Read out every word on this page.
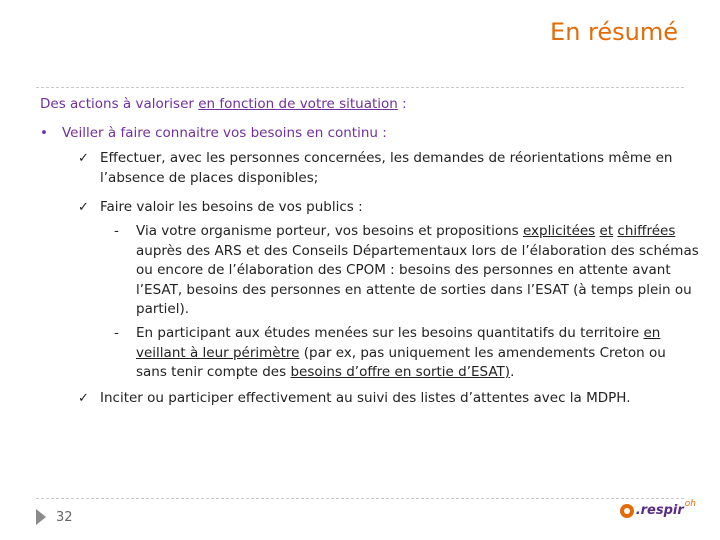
En résumé
Des actions à valoriser en fonction de votre situation :
• Veiller à faire connaitre vos besoins en continu :
✓ Effectuer, avec les personnes concernées, les demandes de réorientations même en l’absence de places disponibles;
✓ Faire valoir les besoins de vos publics :
- Via votre organisme porteur, vos besoins et propositions explicitées et chiffrées auprès des ARS et des Conseils Départementaux lors de l’élaboration des schémas ou encore de l’élaboration des CPOM : besoins des personnes en attente avant l’ESAT, besoins des personnes en attente de sorties dans l’ESAT (à temps plein ou partiel).
- En participant aux études menées sur les besoins quantitatifs du territoire en veillant à leur périmètre (par ex, pas uniquement les amendements Creton ou sans tenir compte des besoins d’offre en sortie d’ESAT).
✓ Inciter ou participer effectivement au suivi des listes d’attentes avec la MDPH.
32	.respir oh
